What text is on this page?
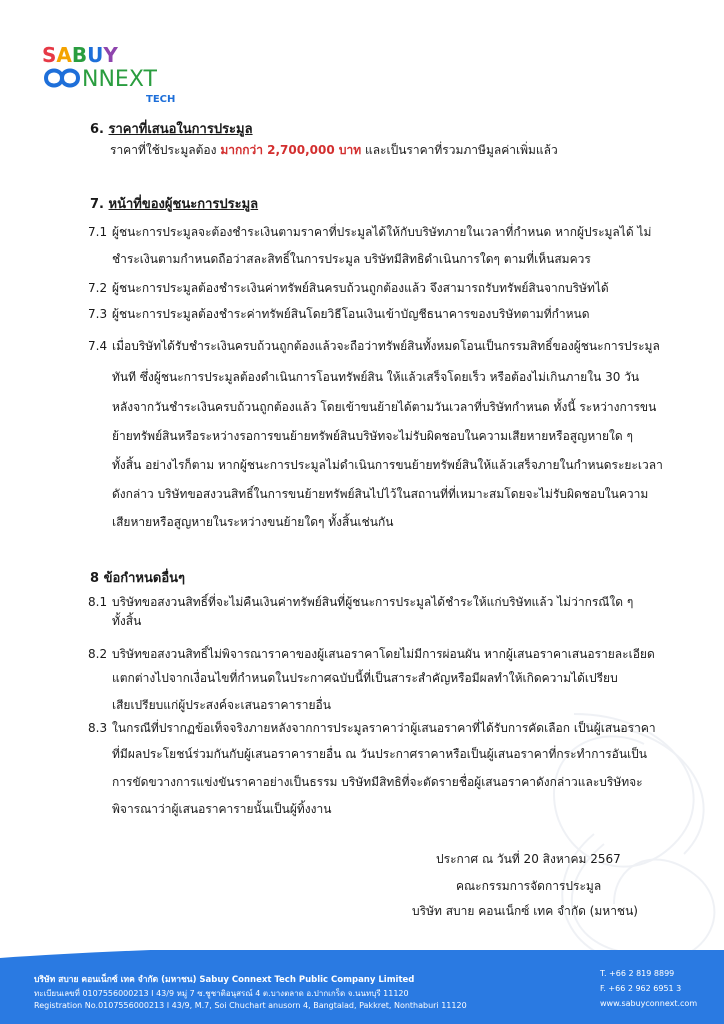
SABUY
NNEXT
TECH
6. ราคาที่เสนอในการประมูล
ราคาที่ใช้ประมูลต้อง มากกว่า 2,700,000 บาท และเป็นราคาที่รวมภาษีมูลค่าเพิ่มแล้ว
7. หน้าที่ของผู้ชนะการประมูล
7.1 ผู้ชนะการประมูลจะต้องชำระเงินตามราคาที่ประมูลได้ให้กับบริษัทภายในเวลาที่กำหนด หากผู้ประมูลได้ ไม่
ชำระเงินตามกำหนดถือว่าสละสิทธิ์ในการประมูล บริษัทมีสิทธิดำเนินการใดๆ ตามที่เห็นสมควร
7.2 ผู้ชนะการประมูลต้องชำระเงินค่าทรัพย์สินครบถ้วนถูกต้องแล้ว จึงสามารถรับทรัพย์สินจากบริษัทได้
7.3 ผู้ชนะการประมูลต้องชำระค่าทรัพย์สินโดยวิธีโอนเงินเข้าบัญชีธนาคารของบริษัทตามที่กำหนด
7.4 เมื่อบริษัทได้รับชำระเงินครบถ้วนถูกต้องแล้วจะถือว่าทรัพย์สินทั้งหมดโอนเป็นกรรมสิทธิ์ของผู้ชนะการประมูล
ทันที ซึ่งผู้ชนะการประมูลต้องดำเนินการโอนทรัพย์สิน ให้แล้วเสร็จโดยเร็ว หรือต้องไม่เกินภายใน 30 วัน
หลังจากวันชำระเงินครบถ้วนถูกต้องแล้ว โดยเข้าขนย้ายได้ตามวันเวลาที่บริษัทกำหนด ทั้งนี้ ระหว่างการขน
ย้ายทรัพย์สินหรือระหว่างรอการขนย้ายทรัพย์สินบริษัทจะไม่รับผิดชอบในความเสียหายหรือสูญหายใด ๆ
ทั้งสิ้น อย่างไรก็ตาม หากผู้ชนะการประมูลไม่ดำเนินการขนย้ายทรัพย์สินให้แล้วเสร็จภายในกำหนดระยะเวลา
ดังกล่าว บริษัทขอสงวนสิทธิ์ในการขนย้ายทรัพย์สินไปไว้ในสถานที่ที่เหมาะสมโดยจะไม่รับผิดชอบในความ
เสียหายหรือสูญหายในระหว่างขนย้ายใดๆ ทั้งสิ้นเช่นกัน
8 ข้อกำหนดอื่นๆ
8.1 บริษัทขอสงวนสิทธิ์ที่จะไม่คืนเงินค่าทรัพย์สินที่ผู้ชนะการประมูลได้ชำระให้แก่บริษัทแล้ว ไม่ว่ากรณีใด ๆ
ทั้งสิ้น
8.2 บริษัทขอสงวนสิทธิ์ไม่พิจารณาราคาของผู้เสนอราคาโดยไม่มีการผ่อนผัน หากผู้เสนอราคาเสนอรายละเอียด
แตกต่างไปจากเงื่อนไขที่กำหนดในประกาศฉบับนี้ที่เป็นสาระสำคัญหรือมีผลทำให้เกิดความได้เปรียบ
เสียเปรียบแก่ผู้ประสงค์จะเสนอราคารายอื่น
8.3 ในกรณีที่ปรากฏข้อเท็จจริงภายหลังจากการประมูลราคาว่าผู้เสนอราคาที่ได้รับการคัดเลือก เป็นผู้เสนอราคา
ที่มีผลประโยชน์ร่วมกันกับผู้เสนอราคารายอื่น ณ วันประกาศราคาหรือเป็นผู้เสนอราคาที่กระทำการอันเป็น
การขัดขวางการแข่งขันราคาอย่างเป็นธรรม บริษัทมีสิทธิที่จะตัดรายชื่อผู้เสนอราคาดังกล่าวและบริษัทจะ
พิจารณาว่าผู้เสนอราคารายนั้นเป็นผู้ทิ้งงาน
ประกาศ ณ วันที่ 20 สิงหาคม 2567
คณะกรรมการจัดการประมูล
บริษัท สบาย คอนเน็กซ์ เทค จำกัด (มหาชน)
บริษัท สบาย คอนเน็กซ์ เทค จำกัด (มหาชน) Sabuy Connext Tech Public Company Limited
ทะเบียนเลขที่ 0107556000213 I 43/9 หมู่ 7 ซ.ชูชาติอนุสรณ์ 4 ต.บางตลาด อ.ปากเกร็ด จ.นนทบุรี 11120
Registration No.0107556000213 I 43/9, M.7, Soi Chuchart anusorn 4, Bangtalad, Pakkret, Nonthaburi 11120
T. +66 2 819 8899
F. +66 2 962 6951 3
www.sabuyconnext.com
